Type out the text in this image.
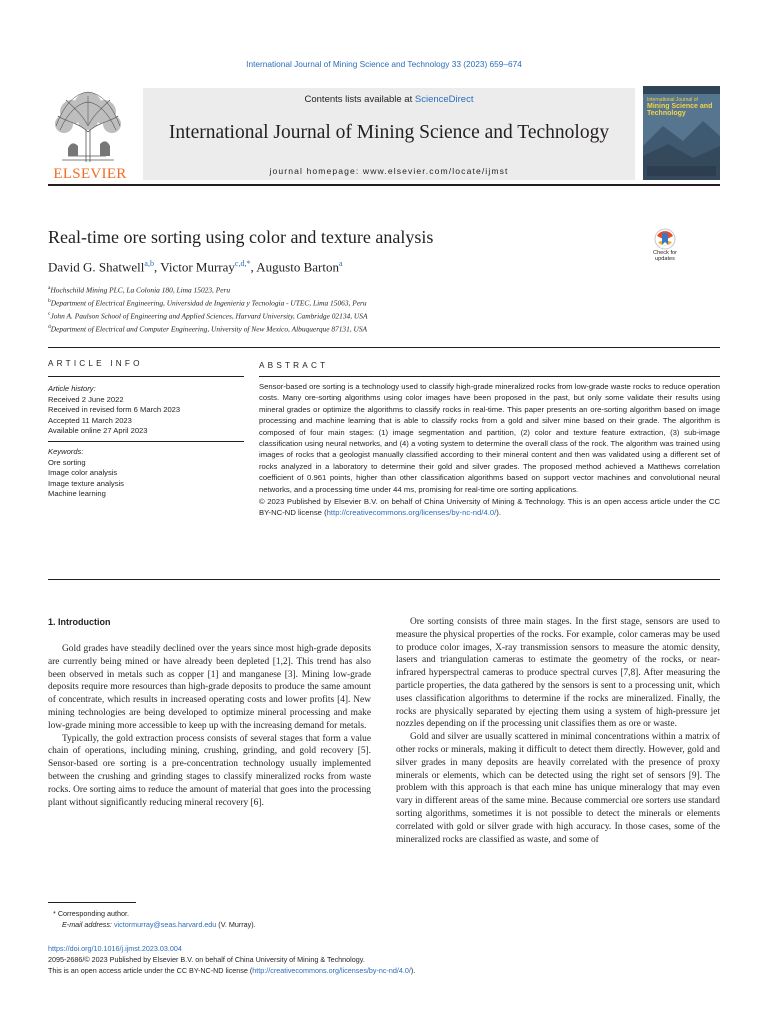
International Journal of Mining Science and Technology 33 (2023) 659–674
ELSEVIER
Contents lists available at ScienceDirect
International Journal of Mining Science and Technology
journal homepage: www.elsevier.com/locate/ijmst
International Journal of
Mining Science and Technology
Real-time ore sorting using color and texture analysis
Check for
updates
David G. Shatwell$^{a,b}$, Victor Murray$^{c,d,*}$, Augusto Barton$^a$
$^a$Hochschild Mining PLC, La Colonia 180, Lima 15023, Peru
$^b$Department of Electrical Engineering, Universidad de Ingenieria y Tecnologia - UTEC, Lima 15063, Peru
$^c$John A. Paulson School of Engineering and Applied Sciences, Harvard University, Cambridge 02134, USA
$^d$Department of Electrical and Computer Engineering, University of New Mexico, Albuquerque 87131, USA
ARTICLE INFO	ABSTRACT
Article history:
Received 2 June 2022
Received in revised form 6 March 2023
Accepted 11 March 2023
Available online 27 April 2023
Keywords:
Ore sorting
Image color analysis
Image texture analysis
Machine learning
Sensor-based ore sorting is a technology used to classify high-grade mineralized rocks from low-grade waste rocks to reduce operation costs. Many ore-sorting algorithms using color images have been proposed in the past, but only some validate their results using mineral grades or optimize the algorithms to classify rocks in real-time. This paper presents an ore-sorting algorithm based on image processing and machine learning that is able to classify rocks from a gold and silver mine based on their grade. The algorithm is composed of four main stages: (1) image segmentation and partition, (2) color and texture feature extraction, (3) sub-image classification using neural networks, and (4) a voting system to determine the overall class of the rock. The algorithm was trained using images of rocks that a geologist manually classified according to their mineral content and then was validated using a different set of rocks analyzed in a laboratory to determine their gold and silver grades. The proposed method achieved a Matthews correlation coefficient of 0.961 points, higher than other classification algorithms based on support vector machines and convolutional neural networks, and a processing time under 44 ms, promising for real-time ore sorting applications.
© 2023 Published by Elsevier B.V. on behalf of China University of Mining & Technology. This is an open access article under the CC BY-NC-ND license (http://creativecommons.org/licenses/by-nc-nd/4.0/).
1. Introduction

Gold grades have steadily declined over the years since most high-grade deposits are currently being mined or have already been depleted [1,2]. This trend has also been observed in metals such as copper [1] and manganese [3]. Mining low-grade deposits require more resources than high-grade deposits to produce the same amount of concentrate, which results in increased operating costs and lower profits [4]. New mining technologies are being developed to optimize mineral processing and make low-grade mining more accessible to keep up with the increasing demand for metals.

Typically, the gold extraction process consists of several stages that form a value chain of operations, including mining, crushing, grinding, and gold recovery [5]. Sensor-based ore sorting is a pre-concentration technology usually implemented between the crushing and grinding stages to classify mineralized rocks from waste rocks. Ore sorting aims to reduce the amount of material that goes into the processing plant without significantly reducing mineral recovery [6].

Ore sorting consists of three main stages. In the first stage, sensors are used to measure the physical properties of the rocks. For example, color cameras may be used to produce color images, X-ray transmission sensors to measure the atomic density, lasers and triangulation cameras to estimate the geometry of the rocks, or near-infrared hyperspectral cameras to produce spectral curves [7,8]. After measuring the particle properties, the data gathered by the sensors is sent to a processing unit, which uses classification algorithms to determine if the rocks are mineralized. Finally, the rocks are physically separated by ejecting them using a system of high-pressure jet nozzles depending on if the processing unit classifies them as ore or waste.

Gold and silver are usually scattered in minimal concentrations within a matrix of other rocks or minerals, making it difficult to detect them directly. However, gold and silver grades in many deposits are heavily correlated with the presence of proxy minerals or elements, which can be detected using the right set of sensors [9]. The problem with this approach is that each mine has unique mineralogy that may even vary in different areas of the same mine. Because commercial ore sorters use standard sorting algorithms, sometimes it is not possible to detect the minerals or elements correlated with gold or silver grade with high accuracy. In those cases, some of the mineralized rocks are classified as waste, and some of

* Corresponding author.
E-mail address: victormurray@seas.harvard.edu (V. Murray).
https://doi.org/10.1016/j.ijmst.2023.03.004
2095-2686/© 2023 Published by Elsevier B.V. on behalf of China University of Mining & Technology.
This is an open access article under the CC BY-NC-ND license (http://creativecommons.org/licenses/by-nc-nd/4.0/).
